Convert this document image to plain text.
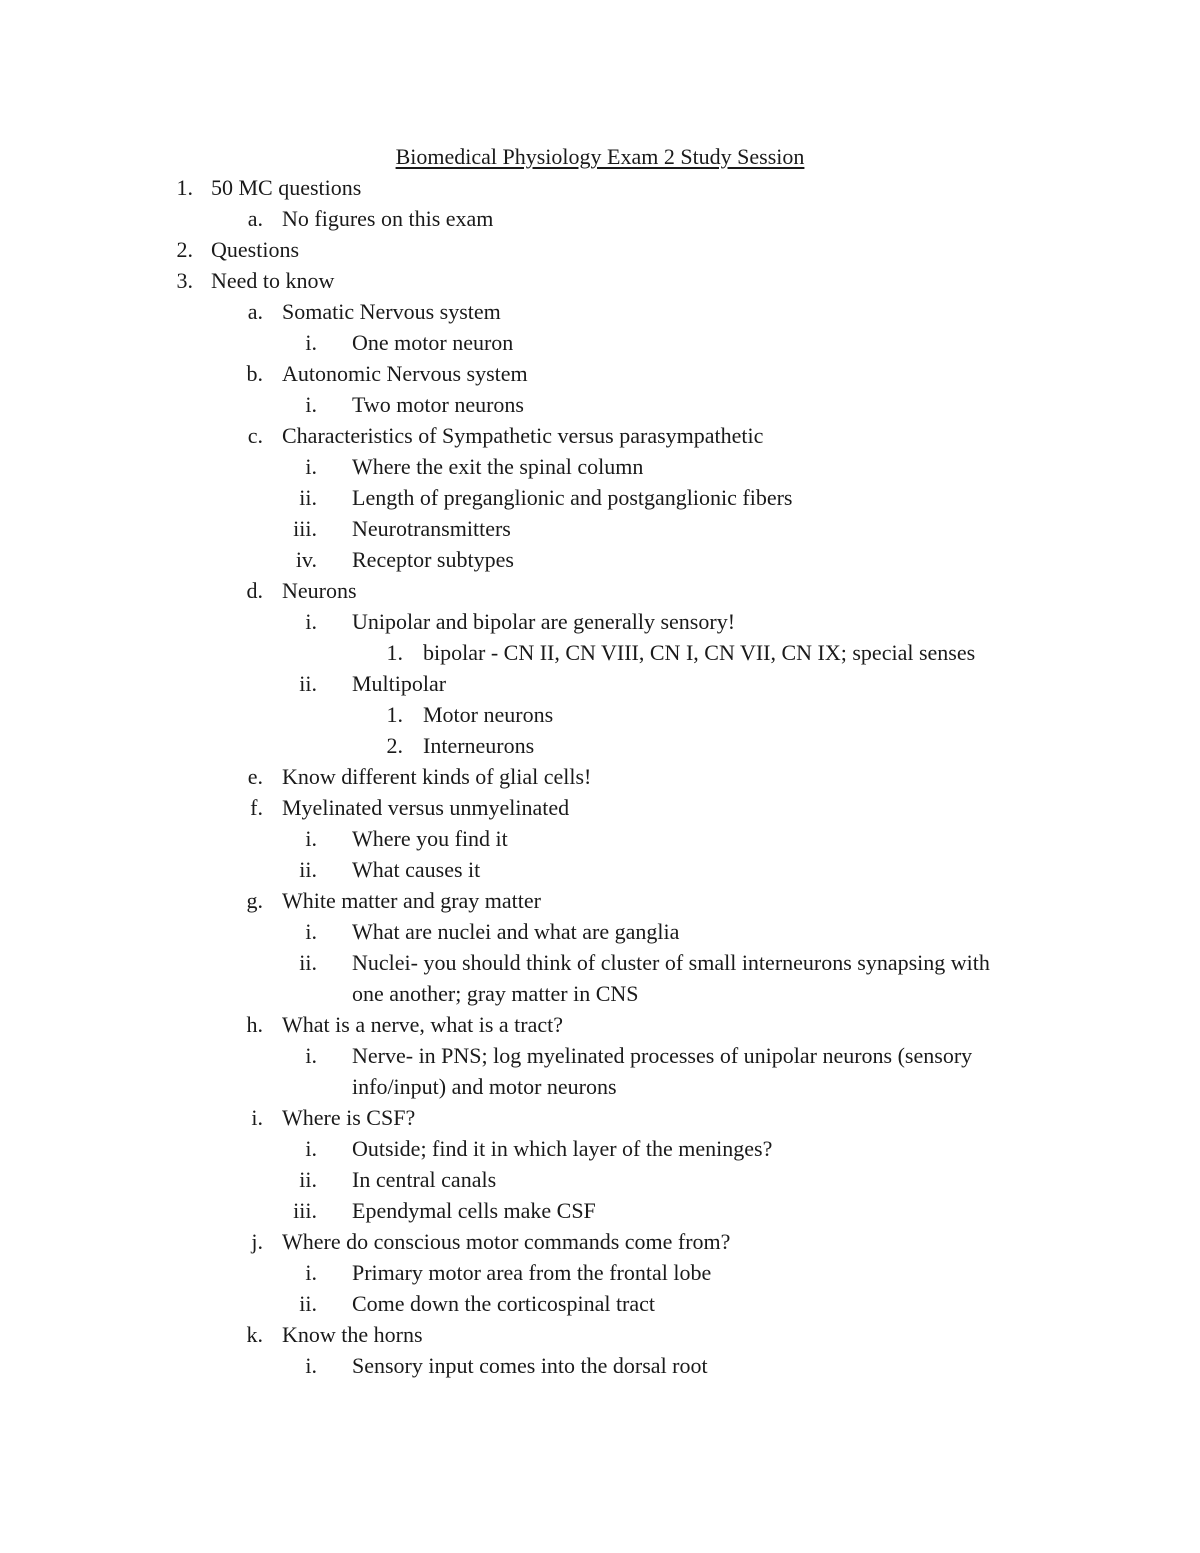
Biomedical Physiology Exam 2 Study Session
1. 50 MC questions
a. No figures on this exam
2. Questions
3. Need to know
a. Somatic Nervous system
i. One motor neuron
b. Autonomic Nervous system
i. Two motor neurons
c. Characteristics of Sympathetic versus parasympathetic
i. Where the exit the spinal column
ii. Length of preganglionic and postganglionic fibers
iii. Neurotransmitters
iv. Receptor subtypes
d. Neurons
i. Unipolar and bipolar are generally sensory!
1. bipolar - CN II, CN VIII, CN I, CN VII, CN IX; special senses
ii. Multipolar
1. Motor neurons
2. Interneurons
e. Know different kinds of glial cells!
f. Myelinated versus unmyelinated
i. Where you find it
ii. What causes it
g. White matter and gray matter
i. What are nuclei and what are ganglia
ii. Nuclei- you should think of cluster of small interneurons synapsing with
one another; gray matter in CNS
h. What is a nerve, what is a tract?
i. Nerve- in PNS; log myelinated processes of unipolar neurons (sensory
info/input) and motor neurons
i. Where is CSF?
i. Outside; find it in which layer of the meninges?
ii. In central canals
iii. Ependymal cells make CSF
j. Where do conscious motor commands come from?
i. Primary motor area from the frontal lobe
ii. Come down the corticospinal tract
k. Know the horns
i. Sensory input comes into the dorsal root
